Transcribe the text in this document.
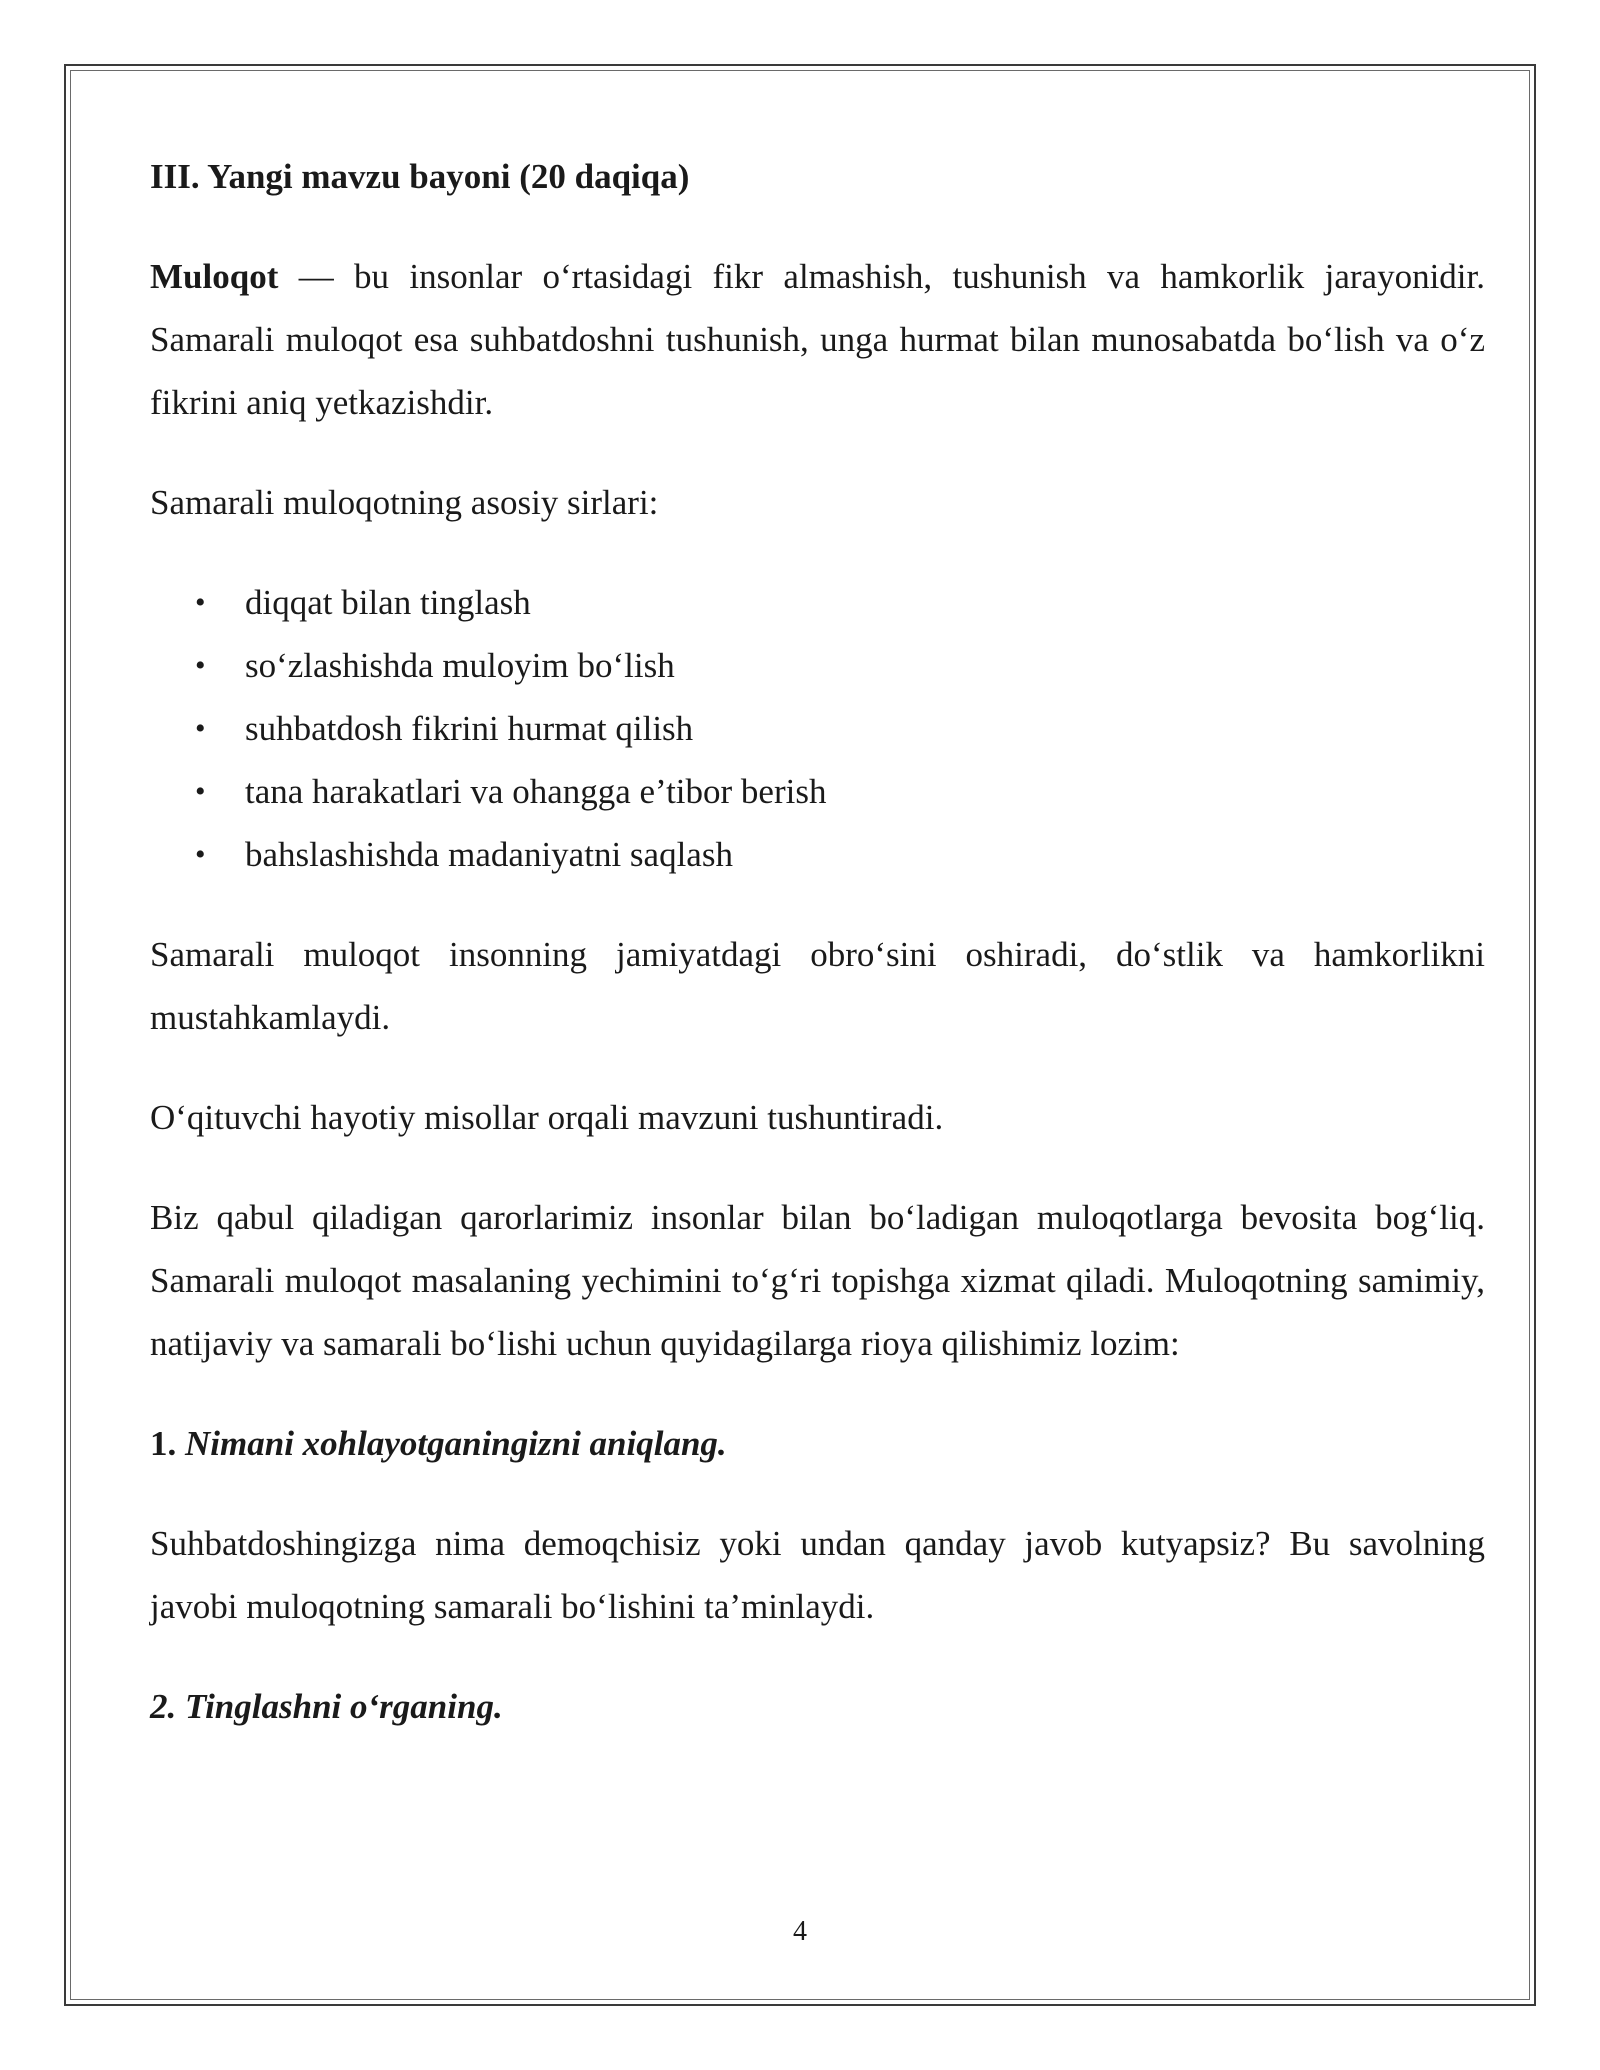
III. Yangi mavzu bayoni (20 daqiqa)

Muloqot — bu insonlar o‘rtasidagi fikr almashish, tushunish va hamkorlik jarayonidir. Samarali muloqot esa suhbatdoshni tushunish, unga hurmat bilan munosabatda bo‘lish va o‘z fikrini aniq yetkazishdir.

Samarali muloqotning asosiy sirlari:

• diqqat bilan tinglash
• so‘zlashishda muloyim bo‘lish
• suhbatdosh fikrini hurmat qilish
• tana harakatlari va ohangga e’tibor berish
• bahslashishda madaniyatni saqlash

Samarali muloqot insonning jamiyatdagi obro‘sini oshiradi, do‘stlik va hamkorlikni mustahkamlaydi.

O‘qituvchi hayotiy misollar orqali mavzuni tushuntiradi.

Biz qabul qiladigan qarorlarimiz insonlar bilan bo‘ladigan muloqotlarga bevosita bog‘liq. Samarali muloqot masalaning yechimini to‘g‘ri topishga xizmat qiladi. Muloqotning samimiy, natijaviy va samarali bo‘lishi uchun quyidagilarga rioya qilishimiz lozim:

1. Nimani xohlayotganingizni aniqlang.

Suhbatdoshingizga nima demoqchisiz yoki undan qanday javob kutyapsiz? Bu savolning javobi muloqotning samarali bo‘lishini ta’minlaydi.

2. Tinglashni o‘rganing.

4
